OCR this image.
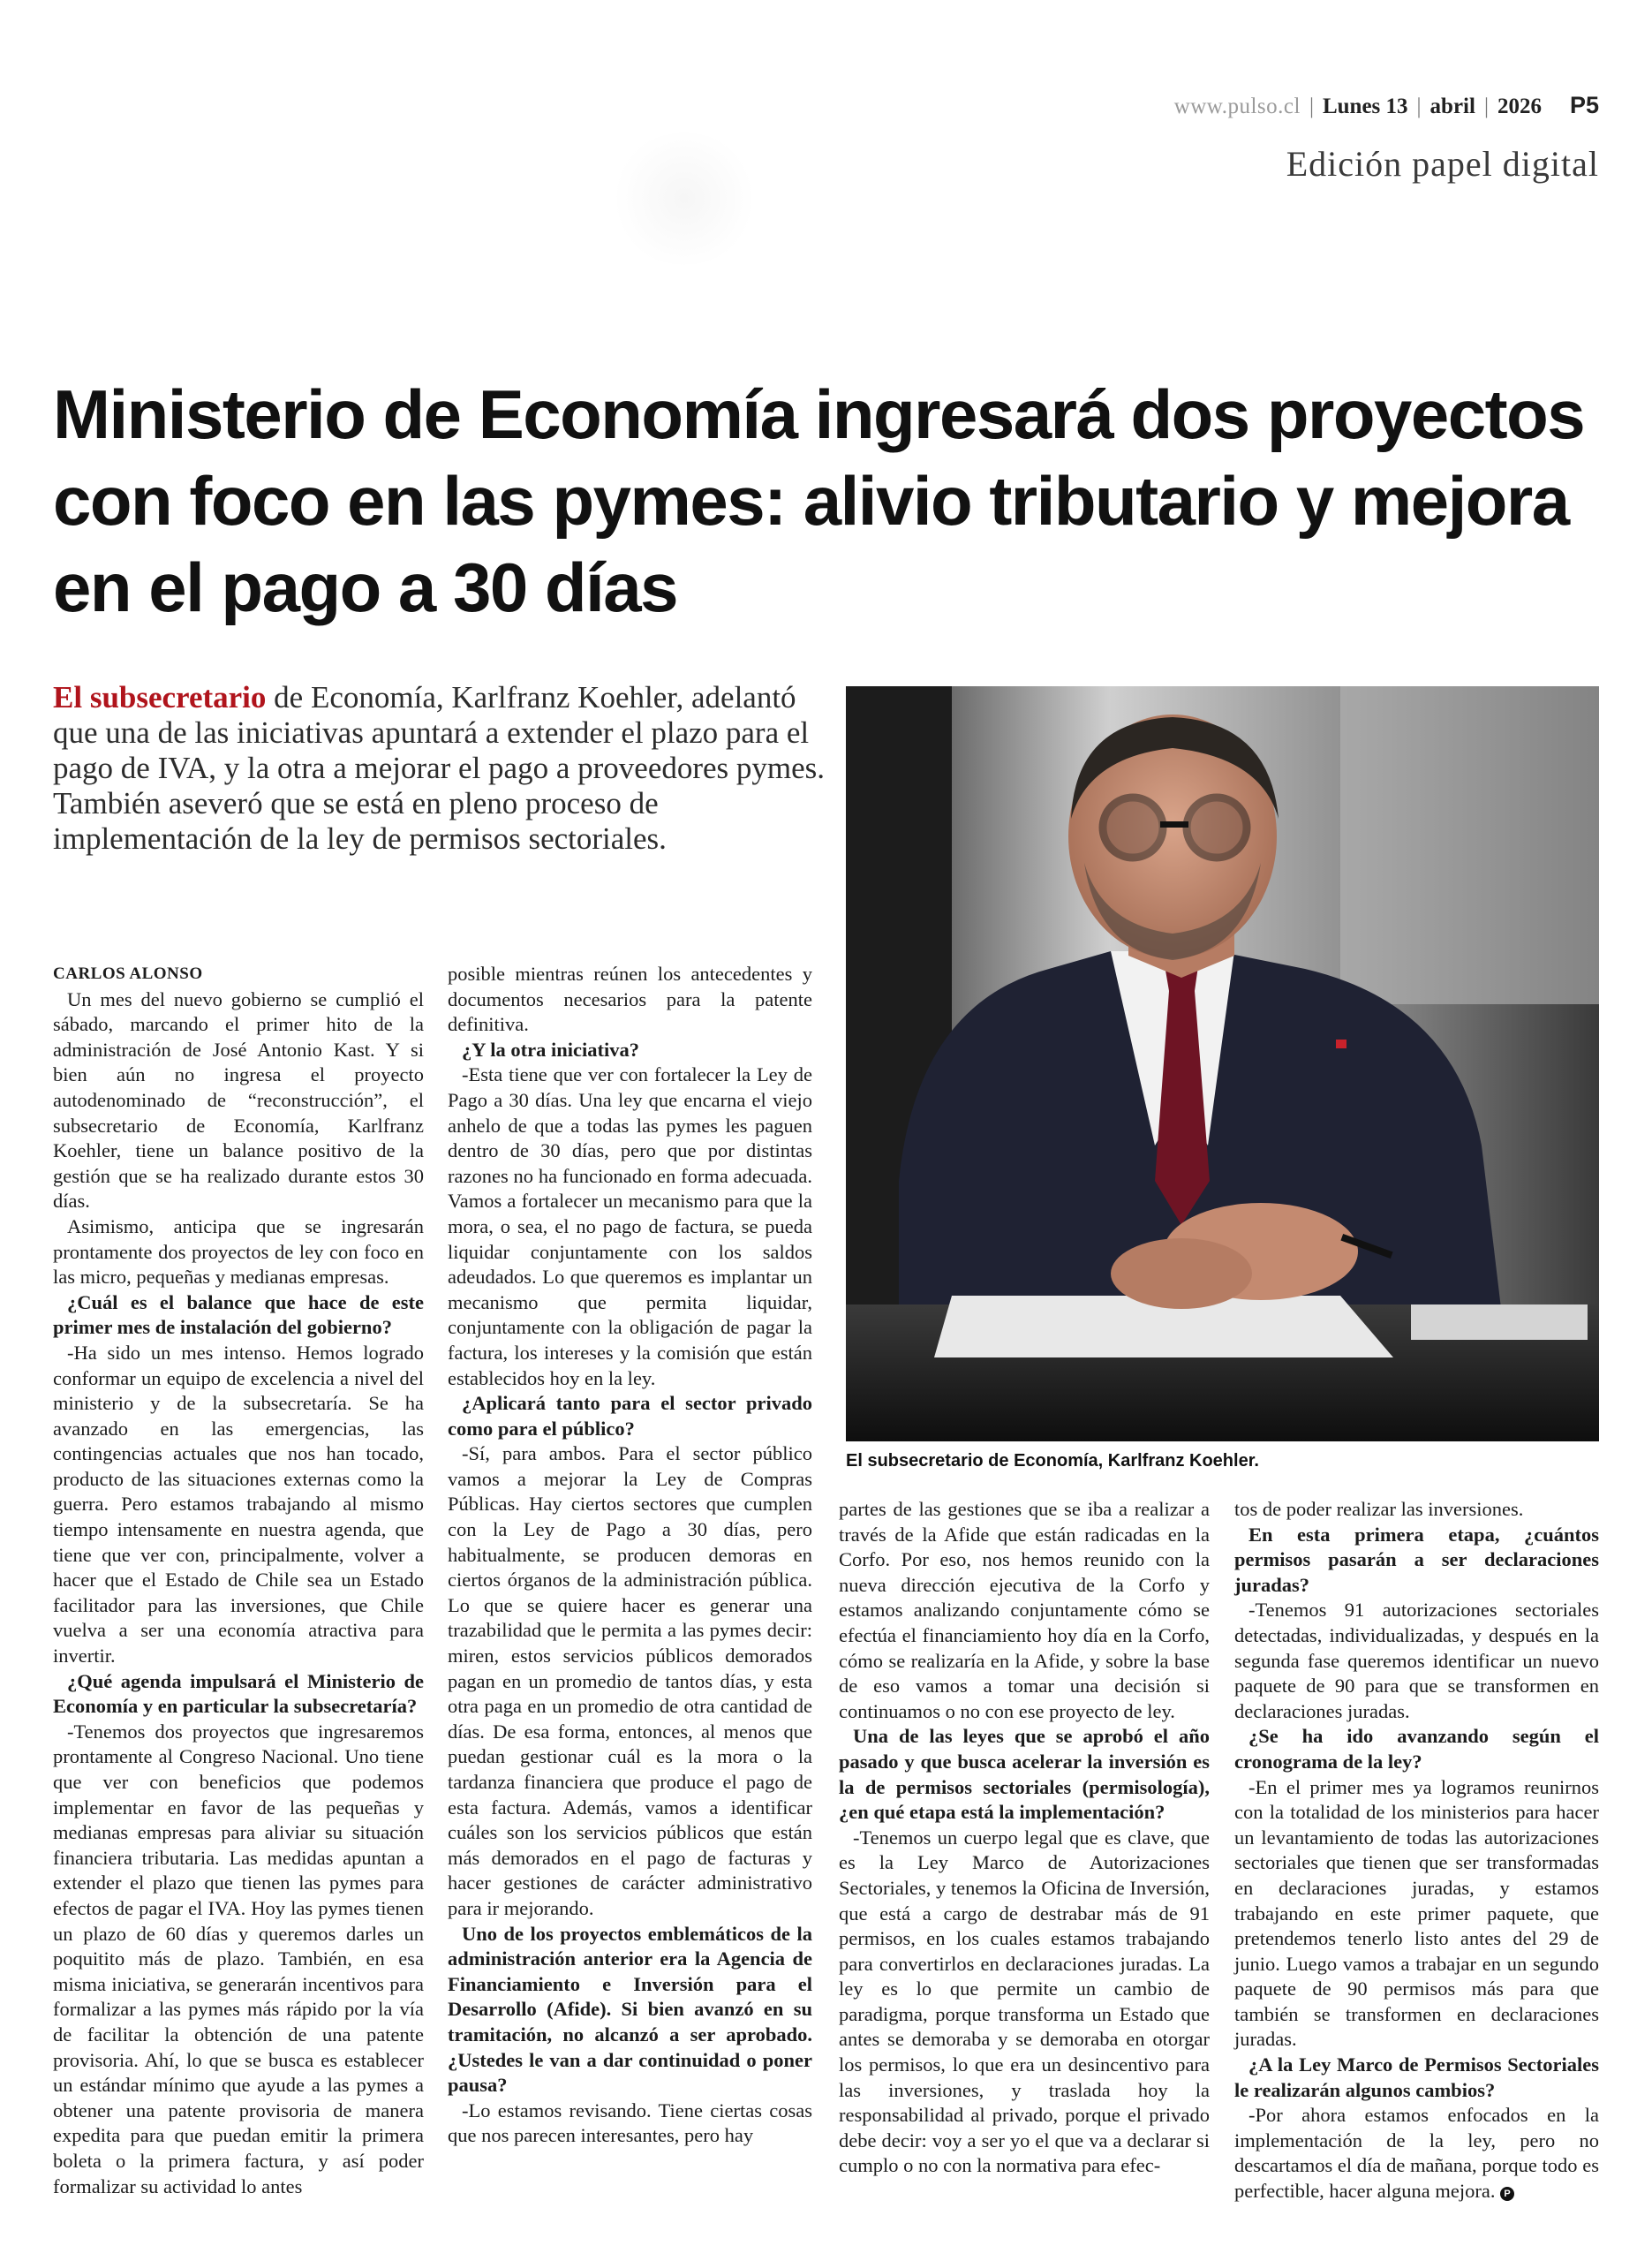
www.pulso.cl | Lunes 13 | abril | 2026 P5
Edición papel digital
Ministerio de Economía ingresará dos proyectos con foco en las pymes: alivio tributario y mejora en el pago a 30 días

El subsecretario de Economía, Karlfranz Koehler, adelantó que una de las iniciativas apuntará a extender el plazo para el pago de IVA, y la otra a mejorar el pago a proveedores pymes. También aseveró que se está en pleno proceso de implementación de la ley de permisos sectoriales.

El subsecretario de Economía, Karlfranz Koehler.

CARLOS ALONSO

Un mes del nuevo gobierno se cumplió el sábado, marcando el primer hito de la administración de José Antonio Kast. Y si bien aún no ingresa el proyecto autodenominado de “reconstrucción”, el subsecretario de Economía, Karlfranz Koehler, tiene un balance positivo de la gestión que se ha realizado durante estos 30 días.

Asimismo, anticipa que se ingresarán prontamente dos proyectos de ley con foco en las micro, pequeñas y medianas empresas.

¿Cuál es el balance que hace de este primer mes de instalación del gobierno?

-Ha sido un mes intenso. Hemos logrado conformar un equipo de excelencia a nivel del ministerio y de la subsecretaría. Se ha avanzado en las emergencias, las contingencias actuales que nos han tocado, producto de las situaciones externas como la guerra. Pero estamos trabajando al mismo tiempo intensamente en nuestra agenda, que tiene que ver con, principalmente, volver a hacer que el Estado de Chile sea un Estado facilitador para las inversiones, que Chile vuelva a ser una economía atractiva para invertir.

¿Qué agenda impulsará el Ministerio de Economía y en particular la subsecretaría?

-Tenemos dos proyectos que ingresaremos prontamente al Congreso Nacional. Uno tiene que ver con beneficios que podemos implementar en favor de las pequeñas y medianas empresas para aliviar su situación financiera tributaria. Las medidas apuntan a extender el plazo que tienen las pymes para efectos de pagar el IVA. Hoy las pymes tienen un plazo de 60 días y queremos darles un poquitito más de plazo. También, en esa misma iniciativa, se generarán incentivos para formalizar a las pymes más rápido por la vía de facilitar la obtención de una patente provisoria. Ahí, lo que se busca es establecer un estándar mínimo que ayude a las pymes a obtener una patente provisoria de manera expedita para que puedan emitir la primera boleta o la primera factura, y así poder formalizar su actividad lo antes

posible mientras reúnen los antecedentes y documentos necesarios para la patente definitiva.

¿Y la otra iniciativa?

-Esta tiene que ver con fortalecer la Ley de Pago a 30 días. Una ley que encarna el viejo anhelo de que a todas las pymes les paguen dentro de 30 días, pero que por distintas razones no ha funcionado en forma adecuada. Vamos a fortalecer un mecanismo para que la mora, o sea, el no pago de factura, se pueda liquidar conjuntamente con los saldos adeudados. Lo que queremos es implantar un mecanismo que permita liquidar, conjuntamente con la obligación de pagar la factura, los intereses y la comisión que están establecidos hoy en la ley.

¿Aplicará tanto para el sector privado como para el público?

-Sí, para ambos. Para el sector público vamos a mejorar la Ley de Compras Públicas. Hay ciertos sectores que cumplen con la Ley de Pago a 30 días, pero habitualmente, se producen demoras en ciertos órganos de la administración pública. Lo que se quiere hacer es generar una trazabilidad que le permita a las pymes decir: miren, estos servicios públicos demorados pagan en un promedio de tantos días, y esta otra paga en un promedio de otra cantidad de días. De esa forma, entonces, al menos que puedan gestionar cuál es la mora o la tardanza financiera que produce el pago de esta factura. Además, vamos a identificar cuáles son los servicios públicos que están más demorados en el pago de facturas y hacer gestiones de carácter administrativo para ir mejorando.

Uno de los proyectos emblemáticos de la administración anterior era la Agencia de Financiamiento e Inversión para el Desarrollo (Afide). Si bien avanzó en su tramitación, no alcanzó a ser aprobado. ¿Ustedes le van a dar continuidad o poner pausa?

-Lo estamos revisando. Tiene ciertas cosas que nos parecen interesantes, pero hay

partes de las gestiones que se iba a realizar a través de la Afide que están radicadas en la Corfo. Por eso, nos hemos reunido con la nueva dirección ejecutiva de la Corfo y estamos analizando conjuntamente cómo se efectúa el financiamiento hoy día en la Corfo, cómo se realizaría en la Afide, y sobre la base de eso vamos a tomar una decisión si continuamos o no con ese proyecto de ley.

Una de las leyes que se aprobó el año pasado y que busca acelerar la inversión es la de permisos sectoriales (permisología), ¿en qué etapa está la implementación?

-Tenemos un cuerpo legal que es clave, que es la Ley Marco de Autorizaciones Sectoriales, y tenemos la Oficina de Inversión, que está a cargo de destrabar más de 91 permisos, en los cuales estamos trabajando para convertirlos en declaraciones juradas. La ley es lo que permite un cambio de paradigma, porque transforma un Estado que antes se demoraba y se demoraba en otorgar los permisos, lo que era un desincentivo para las inversiones, y traslada hoy la responsabilidad al privado, porque el privado debe decir: voy a ser yo el que va a declarar si cumplo o no con la normativa para efec-

tos de poder realizar las inversiones.

En esta primera etapa, ¿cuántos permisos pasarán a ser declaraciones juradas?

-Tenemos 91 autorizaciones sectoriales detectadas, individualizadas, y después en la segunda fase queremos identificar un nuevo paquete de 90 para que se transformen en declaraciones juradas.

¿Se ha ido avanzando según el cronograma de la ley?

-En el primer mes ya logramos reunirnos con la totalidad de los ministerios para hacer un levantamiento de todas las autorizaciones sectoriales que tienen que ser transformadas en declaraciones juradas, y estamos trabajando en este primer paquete, que pretendemos tenerlo listo antes del 29 de junio. Luego vamos a trabajar en un segundo paquete de 90 permisos más para que también se transformen en declaraciones juradas.

¿A la Ley Marco de Permisos Sectoriales le realizarán algunos cambios?

-Por ahora estamos enfocados en la implementación de la ley, pero no descartamos el día de mañana, porque todo es perfectible, hacer alguna mejora. P
